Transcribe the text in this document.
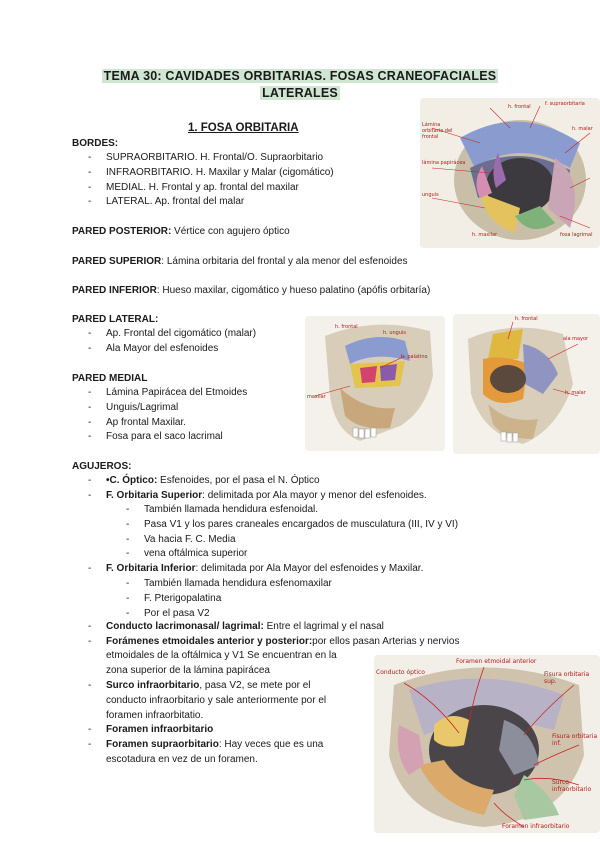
TEMA 30: CAVIDADES ORBITARIAS. FOSAS CRANEOFACIALES
LATERALES
1. FOSA ORBITARIA
BORDES:
- SUPRAORBITARIO. H. Frontal/O. Supraorbitario
- INFRAORBITARIO. H. Maxilar y Malar (cigomático)
- MEDIAL. H. Frontal y ap. frontal del maxilar
- LATERAL. Ap. frontal del malar
PARED POSTERIOR: Vértice con agujero óptico
PARED SUPERIOR: Lámina orbitaria del frontal y ala menor del esfenoides
PARED INFERIOR: Hueso maxilar, cigomático y hueso palatino (apófis orbitaría)
PARED LATERAL:
- Ap. Frontal del cigomático (malar)
- Ala Mayor del esfenoides
PARED MEDIAL
- Lámina Papirácea del Etmoides
- Unguis/Lagrimal
- Ap frontal Maxilar.
- Fosa para el saco lacrimal
AGUJEROS:
- •C. Óptico: Esfenoides, por el pasa el N. Óptico
- F. Orbitaria Superior: delimitada por Ala mayor y menor del esfenoides.
- También llamada hendidura esfenoidal.
- Pasa V1 y los pares craneales encargados de musculatura (III, IV y VI)
- Va hacia F. C. Media
- vena oftálmica superior
- F. Orbitaria Inferior: delimitada por Ala Mayor del esfenoides y Maxilar.
- También llamada hendidura esfenomaxilar
- F. Pterigopalatina
- Por el pasa V2
- Conducto lacrimonasal/ lagrimal: Entre el lagrimal y el nasal
- Forámenes etmoidales anterior y posterior:por ellos pasan Arterias y nervios
etmoidales de la oftálmica y V1 Se encuentran en la
zona superior de la lámina papirácea
- Surco infraorbitario, pasa V2, se mete por el
conducto infraorbitario y sale anteriormente por el
foramen infraorbitatio.
- Foramen infraorbitario
- Foramen supraorbitario: Hay veces que es una
escotadura en vez de un foramen.
h. frontal	f. supraorbitaria
Lámina orbitaria del frontal
lámina papirácea
unguis
h. maxilar	fosa lagrimal
h. malar
h. frontal
h. unguis
h. palatino
maxilar
h. frontal
ala mayor
h. malar
Conducto óptico
Foramen etmoidal anterior
Fisura orbitaria sup.
Fisura orbitaria inf.
Surco infraorbitario
Foramen infraorbitario
